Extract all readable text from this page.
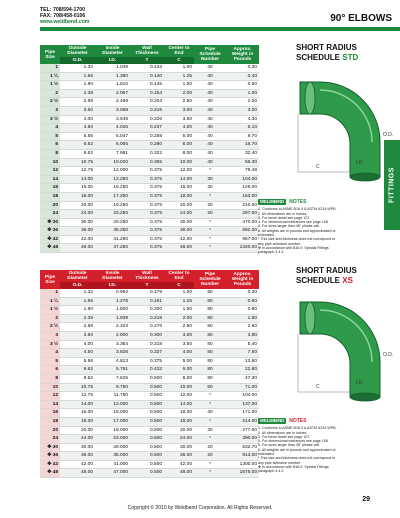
TEL: 708/594-1700
FAX: 708/458-0106
www.weldbend.com	90° ELBOWS
Pipe Size	Outside Diameter	Inside Diameter	Wall Thickness	Center to End	Pipe Schedule Number	Approx. Weight in Pounds
	O.D.	I.D.	T	C		
1	1.32	1.049	0.133	1.00	40	0.30
1 ¼	1.66	1.380	0.140	1.25	40	0.40
1 ½	1.90	1.610	0.145	1.50	40	0.50
2	2.38	2.067	0.154	2.00	40	1.00
2 ½	2.88	2.469	0.203	2.50	40	2.00
3	3.50	3.068	0.216	3.00	40	3.00
3 ½	4.00	3.548	0.226	3.50	40	4.30
4	4.50	4.026	0.237	4.00	40	6.10
5	5.56	5.047	0.258	5.00	40	9.70
6	6.62	6.065	0.280	6.00	40	16.70
8	8.62	7.981	0.322	8.00	40	32.40
10	10.75	10.020	0.365	10.00	40	56.30
12	12.75	12.000	0.375	12.00	*	79.48
14	14.00	13.250	0.375	14.00	30	104.00
16	16.00	15.250	0.375	16.00	30	129.00
18	18.00	17.250	0.375	18.00	*	163.00
20	20.00	19.250	0.375	20.00	20	210.00
24	24.00	23.250	0.375	24.00	20	297.00
✥ 30	30.00	29.250	0.375	30.00	*	470.00
✥ 36	36.00	35.250	0.375	36.00	*	692.00
✥ 42	42.00	41.250	0.375	42.00	*	967.00
✥ 48	48.00	47.250	0.375	48.00	*	1340.00
SHORT RADIUS
SCHEDULE STD
O.D.
C
I.D.
WELDBEND	NOTES
1. Conforms to ASME B16.9 & ASTM A234 WPB.
2. All dimensions are in inches.
3. For bevel detail see page 107.
4. For dimensional tolerances see page 108.
5. For sizes larger than 48" please call.
6. All weights are in pounds and approximated or estimated.
* This size and thickness does not correspond to any pipe schedule number.
✥ In accordance with B16.9. Special Fittings paragraph 4.4.2.
FITTINGS
Pipe Size	Outside Diameter	Inside Diameter	Wall Thickness	Center to End	Pipe Schedule Number	Approx. Weight in Pounds
	O.D.	I.D.	T	C		
1	1.32	0.962	0.179	1.00	80	0.30
1 ¼	1.66	1.278	0.191	1.25	80	0.60
1 ½	1.90	1.500	0.200	1.50	80	0.80
2	2.38	1.939	0.218	2.00	80	1.50
2 ½	2.88	2.323	0.276	2.50	80	2.60
3	3.50	2.900	0.300	3.00	80	3.80
3 ½	4.00	3.364	0.318	3.50	80	5.40
4	4.50	3.826	0.337	4.00	80	7.60
5	5.56	4.813	0.375	5.00	80	13.80
6	6.62	5.761	0.432	6.00	80	22.80
8	8.62	7.625	0.500	8.00	80	47.30
10	10.75	9.750	0.500	10.00	60	71.00
12	12.75	11.750	0.500	12.00	*	104.00
14	14.00	13.000	0.500	14.00	*	137.00
16	16.00	15.000	0.500	16.00	40	171.00
18	18.00	17.000	0.500	18.00	*	214.00
20	20.00	19.000	0.500	20.00	30	277.00
24	24.00	23.000	0.500	24.00	*	390.00
✥ 30	30.00	29.000	0.500	30.00	20	632.70
✥ 36	36.00	35.000	0.500	36.00	20	913.00
✥ 42	42.00	41.000	0.500	42.00	*	1300.00
✥ 48	48.00	47.000	0.500	48.00	*	1675.00
SHORT RADIUS
SCHEDULE XS
O.D.
C
I.D.
WELDBEND	NOTES
1. Conforms to ASME B16.9 & ASTM A234 WPB.
2. All dimensions are in inches.
3. For bevel detail see page 107.
4. For dimensional tolerances see page 108.
5. For sizes larger than 48" please call.
6. All weights are in pounds and approximated or estimated.
* This size and thickness does not correspond to any pipe schedule number.
✥ In accordance with B16.9. Special Fittings paragraph 4.4.2.
29
Copyright © 2010 by Weldbend Corporation. All Rights Reserved.
